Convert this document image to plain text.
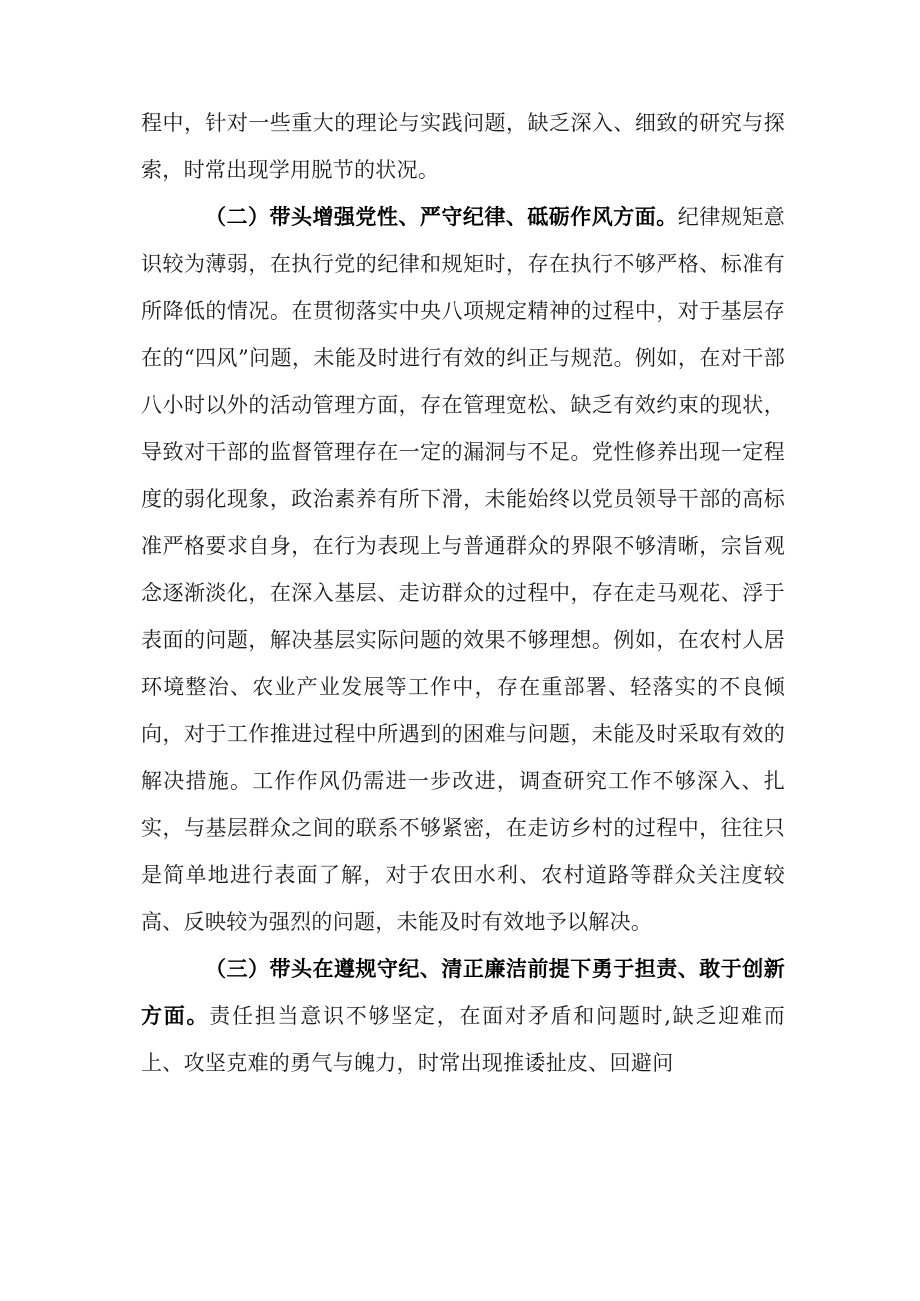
程中，针对一些重大的理论与实践问题，缺乏深入、细致的研究与探索，时常出现学用脱节的状况。

（二）带头增强党性、严守纪律、砥砺作风方面。纪律规矩意识较为薄弱，在执行党的纪律和规矩时，存在执行不够严格、标准有所降低的情况。在贯彻落实中央八项规定精神的过程中，对于基层存在的“四风”问题，未能及时进行有效的纠正与规范。例如，在对干部八小时以外的活动管理方面，存在管理宽松、缺乏有效约束的现状，导致对干部的监督管理存在一定的漏洞与不足。党性修养出现一定程度的弱化现象，政治素养有所下滑，未能始终以党员领导干部的高标准严格要求自身，在行为表现上与普通群众的界限不够清晰，宗旨观念逐渐淡化，在深入基层、走访群众的过程中，存在走马观花、浮于表面的问题，解决基层实际问题的效果不够理想。例如，在农村人居环境整治、农业产业发展等工作中，存在重部署、轻落实的不良倾向，对于工作推进过程中所遇到的困难与问题，未能及时采取有效的解决措施。工作作风仍需进一步改进，调查研究工作不够深入、扎实，与基层群众之间的联系不够紧密，在走访乡村的过程中，往往只是简单地进行表面了解，对于农田水利、农村道路等群众关注度较高、反映较为强烈的问题，未能及时有效地予以解决。

（三）带头在遵规守纪、清正廉洁前提下勇于担责、敢于创新方面。责任担当意识不够坚定，在面对矛盾和问题时,缺乏迎难而上、攻坚克难的勇气与魄力，时常出现推诿扯皮、回避问
